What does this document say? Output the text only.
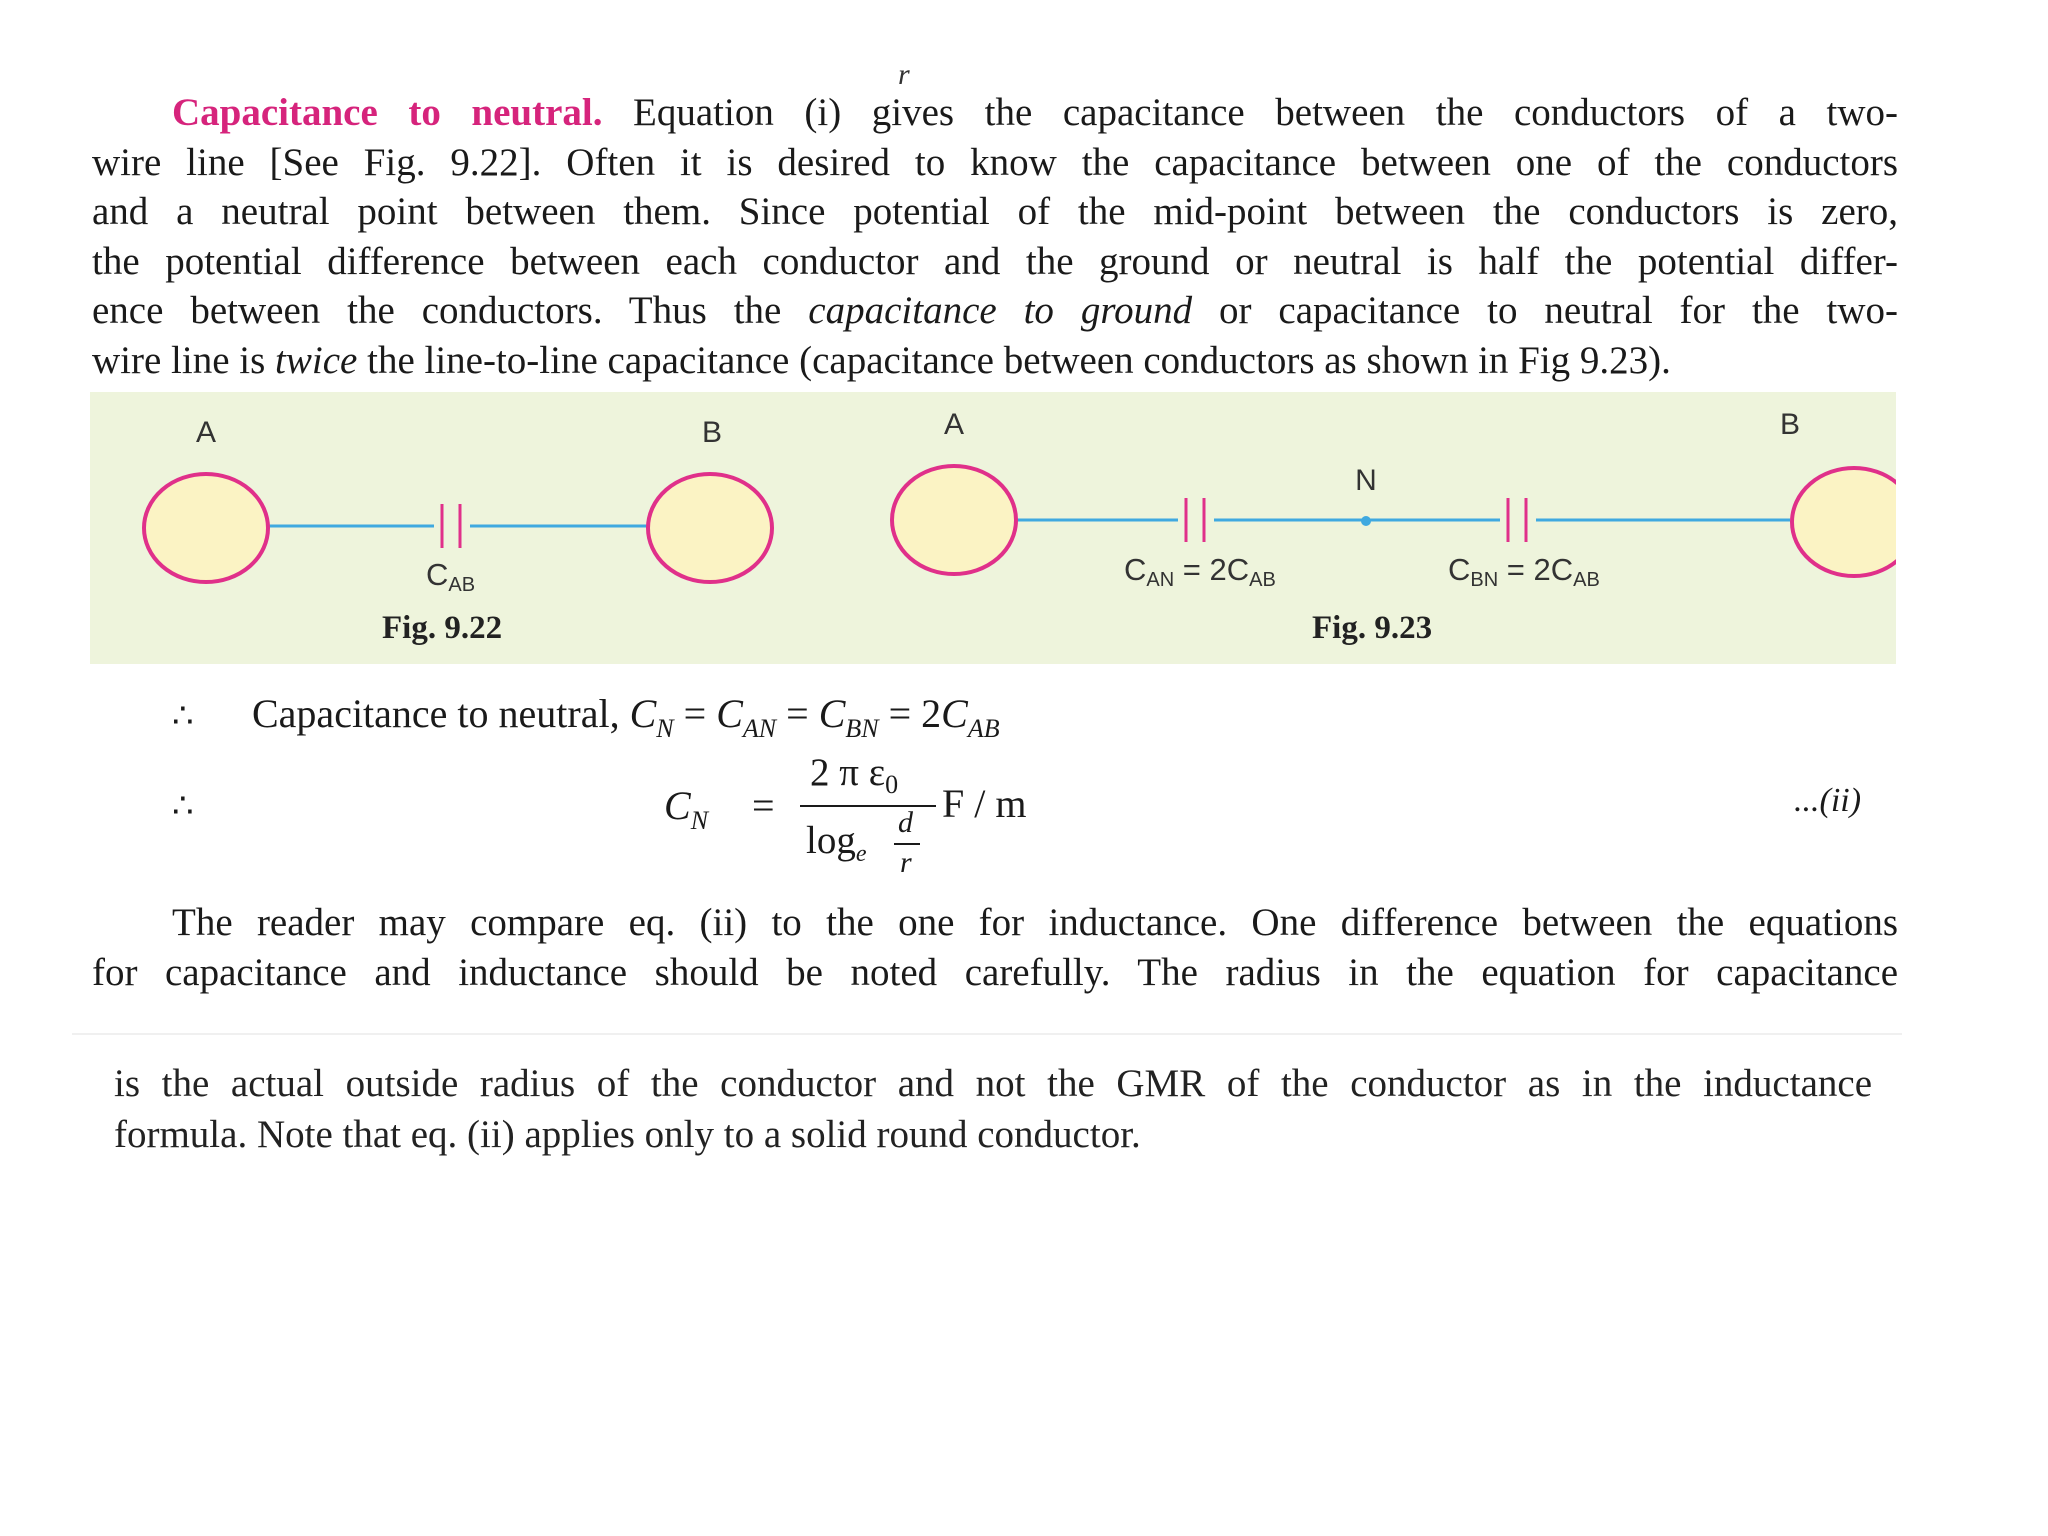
r
Capacitance to neutral. Equation (i) gives the capacitance between the conductors of a two-
wire line [See Fig. 9.22]. Often it is desired to know the capacitance between one of the conductors
and a neutral point between them. Since potential of the mid-point between the conductors is zero,
the potential difference between each conductor and the ground or neutral is half the potential differ-
ence between the conductors. Thus the capacitance to ground or capacitance to neutral for the two-
wire line is twice the line-to-line capacitance (capacitance between conductors as shown in Fig 9.23).
A	B	A	B
N
$C_{AB}$
Fig. 9.22
$C_{AN} = 2C_{AB}$	$C_{BN} = 2C_{AB}$
Fig. 9.23
∴ Capacitance to neutral, $C_N = C_{AN} = C_{BN} = 2C_{AB}$
∴	$C_N$ =
2 π $\varepsilon_0$
$\log_e$
d
r
F / m	...(ii)
The reader may compare eq. (ii) to the one for inductance. One difference between the equations
for capacitance and inductance should be noted carefully. The radius in the equation for capacitance
is the actual outside radius of the conductor and not the GMR of the conductor as in the inductance
formula. Note that eq. (ii) applies only to a solid round conductor.
